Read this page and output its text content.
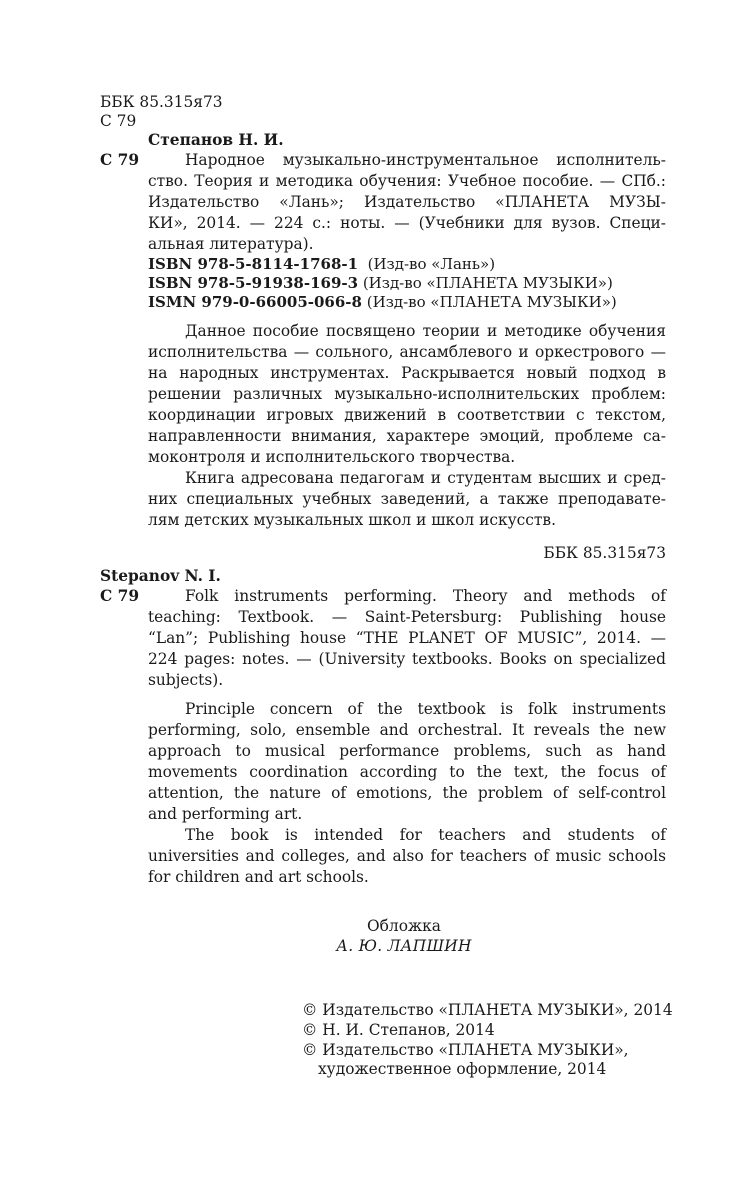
ББК 85.315я73
С 79
Степанов Н. И.
С 79	Народное музыкально-инструментальное исполнитель-
ство. Теория и методика обучения: Учебное пособие. — СПб.:
Издательство «Лань»; Издательство «ПЛАНЕТА МУЗЫ-
КИ», 2014. — 224 с.: ноты. — (Учебники для вузов. Специ-
альная литература).
ISBN 978-5-8114-1768-1 (Изд-во «Лань»)
ISBN 978-5-91938-169-3 (Изд-во «ПЛАНЕТА МУЗЫКИ»)
ISMN 979-0-66005-066-8 (Изд-во «ПЛАНЕТА МУЗЫКИ»)
Данное пособие посвящено теории и методике обучения
исполнительства — сольного, ансамблевого и оркестрового —
на народных инструментах. Раскрывается новый подход в
решении различных музыкально-исполнительских проблем:
координации игровых движений в соответствии с текстом,
направленности внимания, характере эмоций, проблеме са-
моконтроля и исполнительского творчества.
Книга адресована педагогам и студентам высших и сред-
них специальных учебных заведений, а также преподавате-
лям детских музыкальных школ и школ искусств.
ББК 85.315я73
Stepanov N. I.
С 79	Folk instruments performing. Theory and methods of
teaching: Textbook. — Saint-Petersburg: Publishing house
“Lan”; Publishing house “THE PLANET OF MUSIC”, 2014. —
224 pages: notes. — (University textbooks. Books on specialized
subjects).
Principle concern of the textbook is folk instruments
performing, solo, ensemble and orchestral. It reveals the new
approach to musical performance problems, such as hand
movements coordination according to the text, the focus of
attention, the nature of emotions, the problem of self-control
and performing art.
The book is intended for teachers and students of
universities and colleges, and also for teachers of music schools
for children and art schools.
Обложка
А. Ю. ЛАПШИН
© Издательство «ПЛАНЕТА МУЗЫКИ», 2014
© Н. И. Степанов, 2014
© Издательство «ПЛАНЕТА МУЗЫКИ»,
художественное оформление, 2014
